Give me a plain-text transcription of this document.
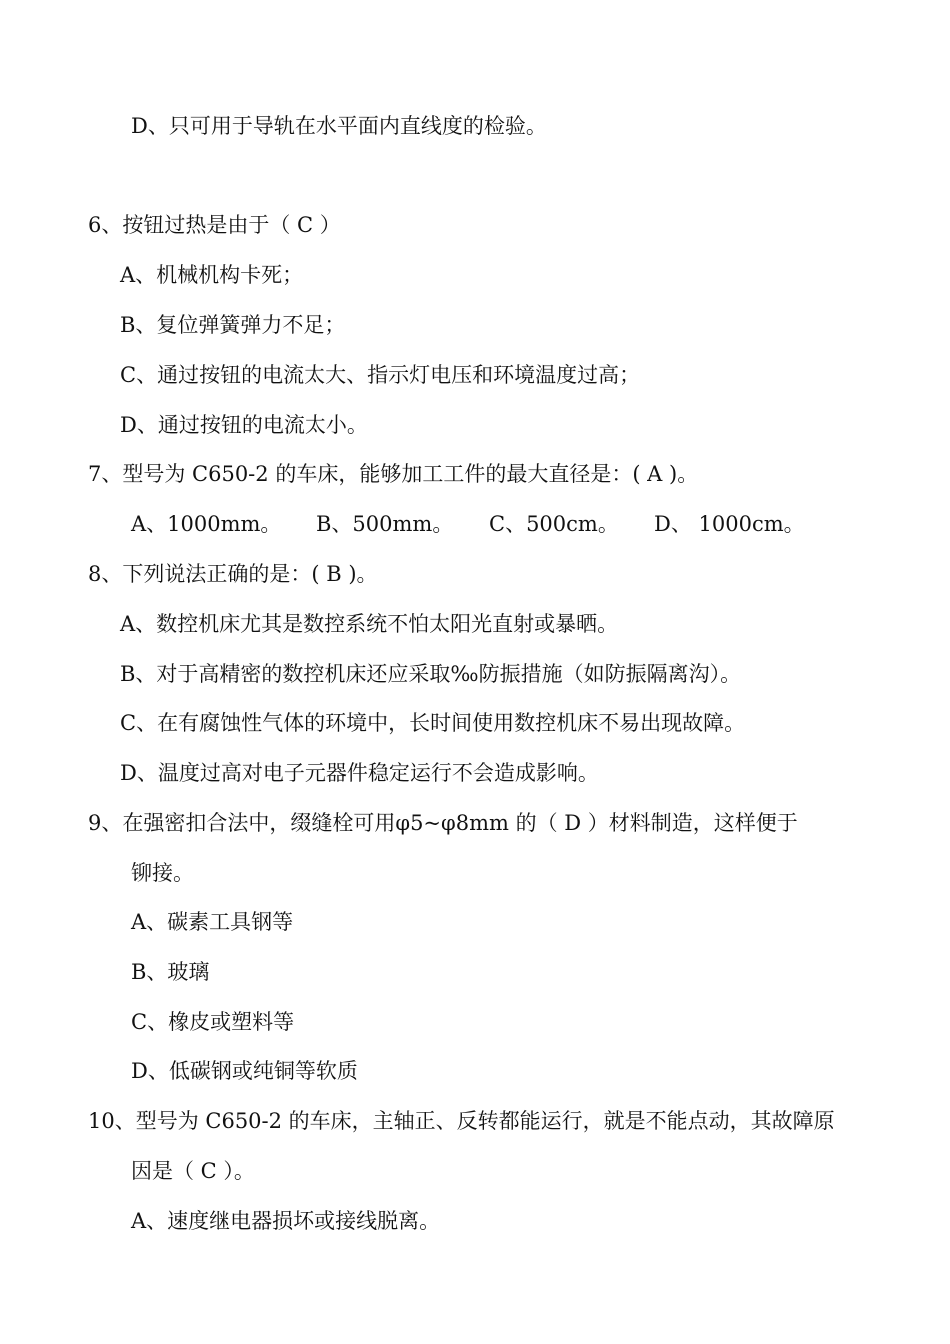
D、只可用于导轨在水平面内直线度的检验。
6、按钮过热是由于（ C ）
A、机械机构卡死；
B、复位弹簧弹力不足；
C、通过按钮的电流太大、指示灯电压和环境温度过高；
D、通过按钮的电流太小。
7、型号为 C650-2 的车床，能够加工工件的最大直径是：( A )。
A、1000mm。 B、500mm。 C、500cm。 D、 1000cm。
8、下列说法正确的是：( B )。
A、数控机床尤其是数控系统不怕太阳光直射或暴晒。
B、对于高精密的数控机床还应采取‰防振措施（如防振隔离沟）。
C、在有腐蚀性气体的环境中，长时间使用数控机床不易出现故障。
D、温度过高对电子元器件稳定运行不会造成影响。
9、在强密扣合法中，缀缝栓可用φ5~φ8mm 的（ D ）材料制造，这样便于
铆接。
A、碳素工具钢等
B、玻璃
C、橡皮或塑料等
D、低碳钢或纯铜等软质
10、型号为 C650-2 的车床，主轴正、反转都能运行，就是不能点动，其故障原
因是（ C ）。
A、速度继电器损坏或接线脱离。
